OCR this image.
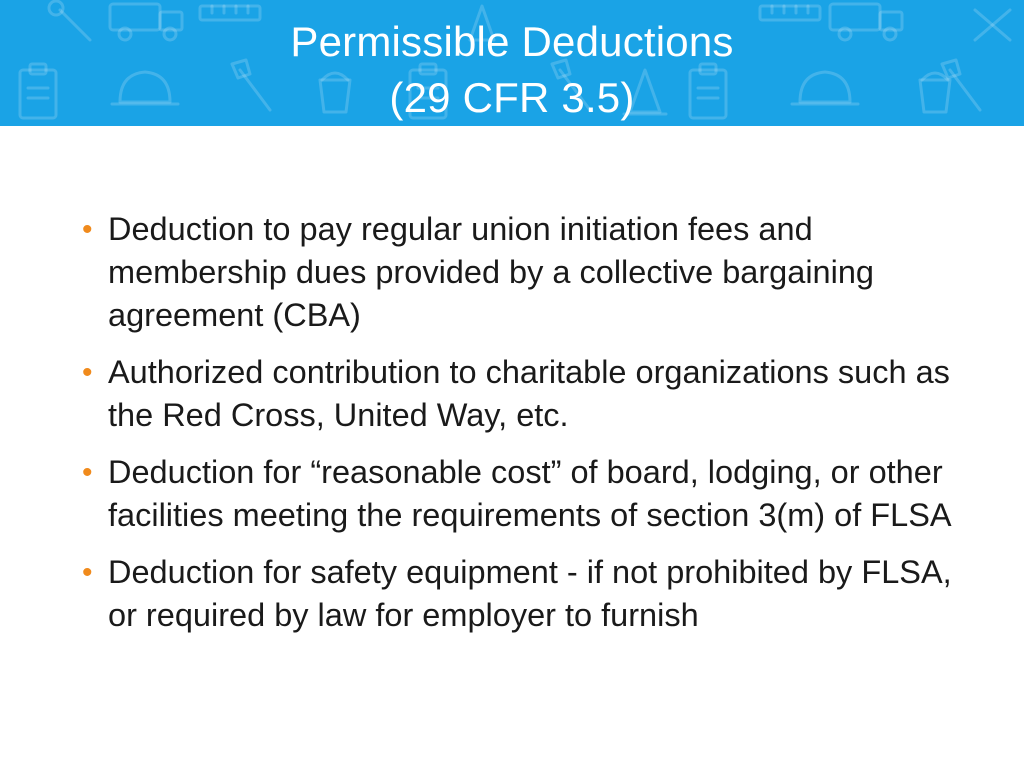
Permissible Deductions
(29 CFR 3.5)
• Deduction to pay regular union initiation fees and membership dues provided by a collective bargaining agreement (CBA)
• Authorized contribution to charitable organizations such as the Red Cross, United Way, etc.
• Deduction for “reasonable cost” of board, lodging, or other facilities meeting the requirements of section 3(m) of FLSA
• Deduction for safety equipment - if not prohibited by FLSA, or required by law for employer to furnish
